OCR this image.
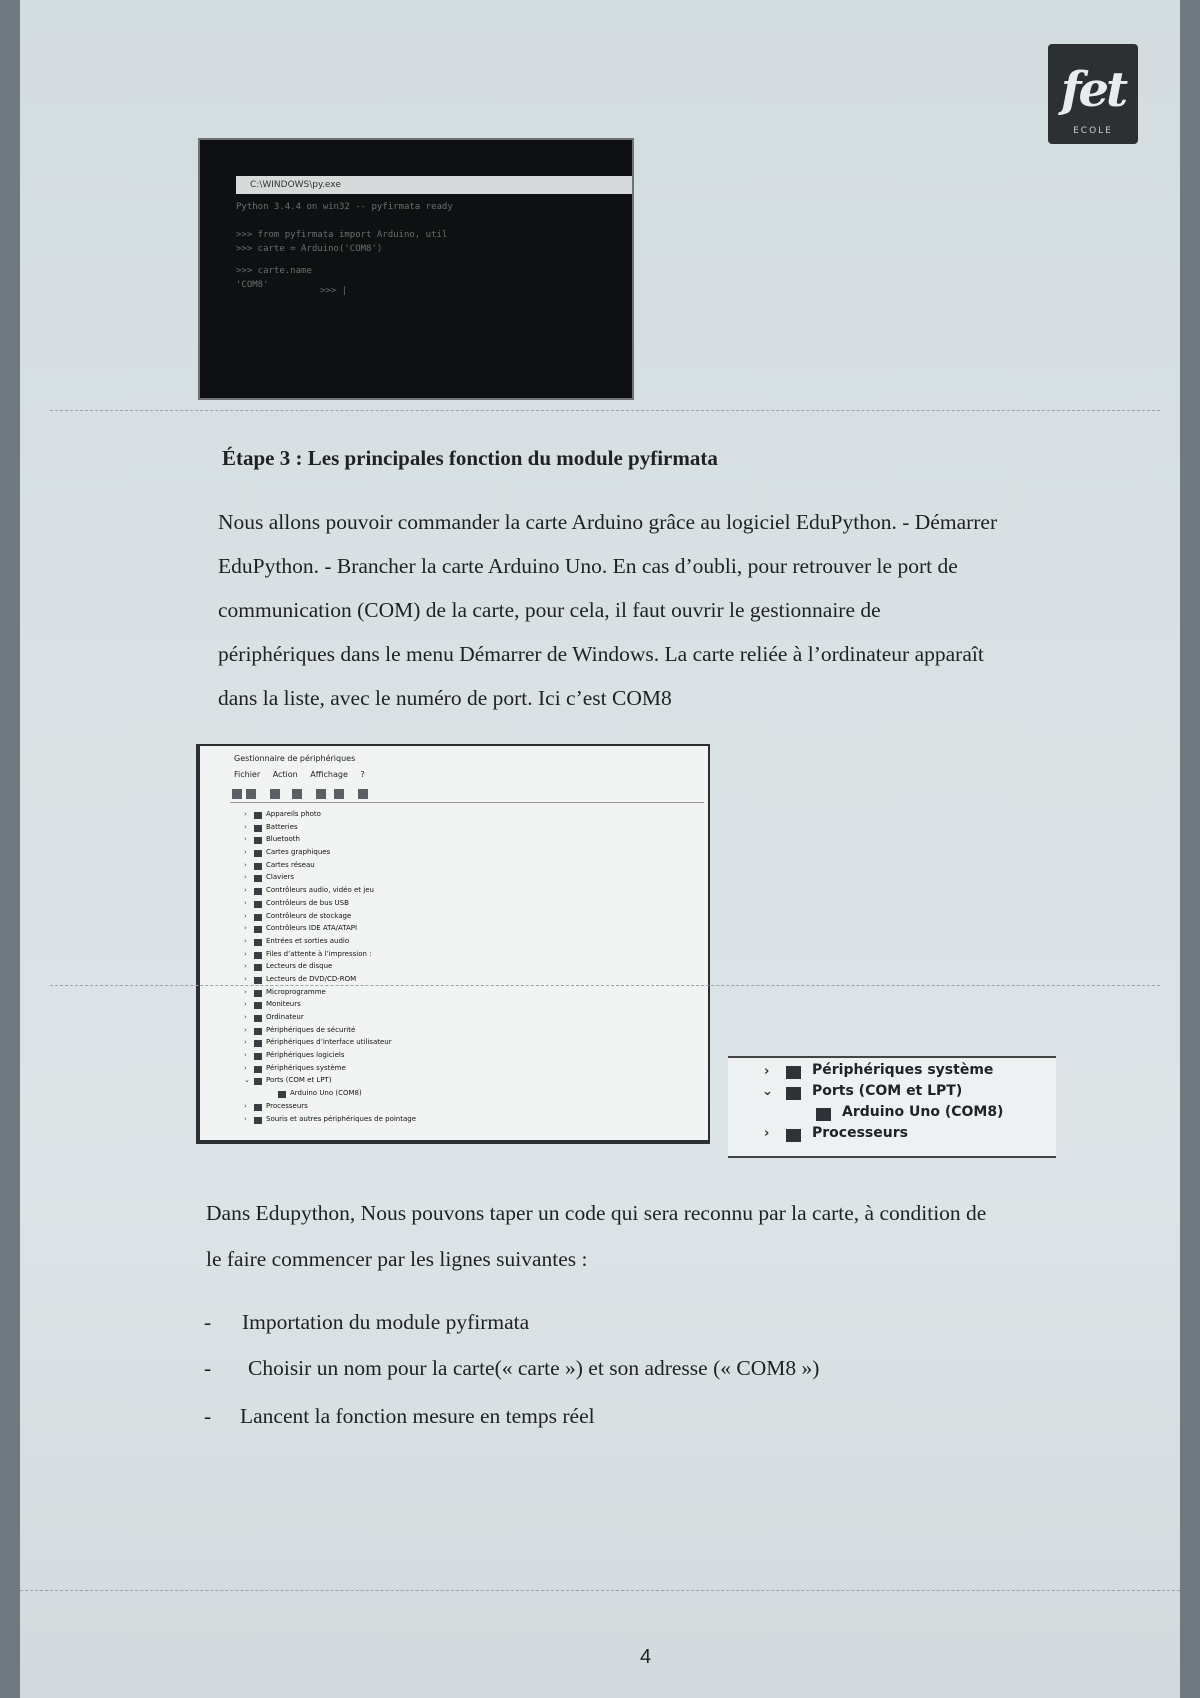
fet
ECOLE
C:\WINDOWS\py.exe
Python 3.4.4 on win32 -- pyfirmata ready
>>> from pyfirmata import Arduino, util
>>> carte = Arduino('COM8')
>>> carte.name
'COM8'
>>> |
Étape 3 : Les principales fonction du module pyfirmata
Nous allons pouvoir commander la carte Arduino grâce au logiciel EduPython. - Démarrer
EduPython. - Brancher la carte Arduino Uno. En cas d’oubli, pour retrouver le port de
communication (COM) de la carte, pour cela, il faut ouvrir le gestionnaire de
périphériques dans le menu Démarrer de Windows. La carte reliée à l’ordinateur apparaît
dans la liste, avec le numéro de port. Ici c’est COM8
Gestionnaire de périphériques
Fichier Action Affichage ?
›	Appareils photo
›	Batteries
›	Bluetooth
›	Cartes graphiques
›	Cartes réseau
›	Claviers
›	Contrôleurs audio, vidéo et jeu
›	Contrôleurs de bus USB
›	Contrôleurs de stockage
›	Contrôleurs IDE ATA/ATAPI
›	Entrées et sorties audio
›	Files d’attente à l’impression :
›	Lecteurs de disque
›	Lecteurs de DVD/CD-ROM
›	Microprogramme
›	Moniteurs
›	Ordinateur
›	Périphériques de sécurité
›	Périphériques d’interface utilisateur
›	Périphériques logiciels
›	Périphériques système
⌄ Ports (COM et LPT)
Arduino Uno (COM8)
›	Processeurs
›	Souris et autres périphériques de pointage
›	Périphériques système
⌄	Ports (COM et LPT)
Arduino Uno (COM8)
›	Processeurs
Dans Edupython, Nous pouvons taper un code qui sera reconnu par la carte, à condition de
le faire commencer par les lignes suivantes :
- Importation du module pyfirmata
- Choisir un nom pour la carte(« carte ») et son adresse (« COM8 »)
- Lancent la fonction mesure en temps réel
4
